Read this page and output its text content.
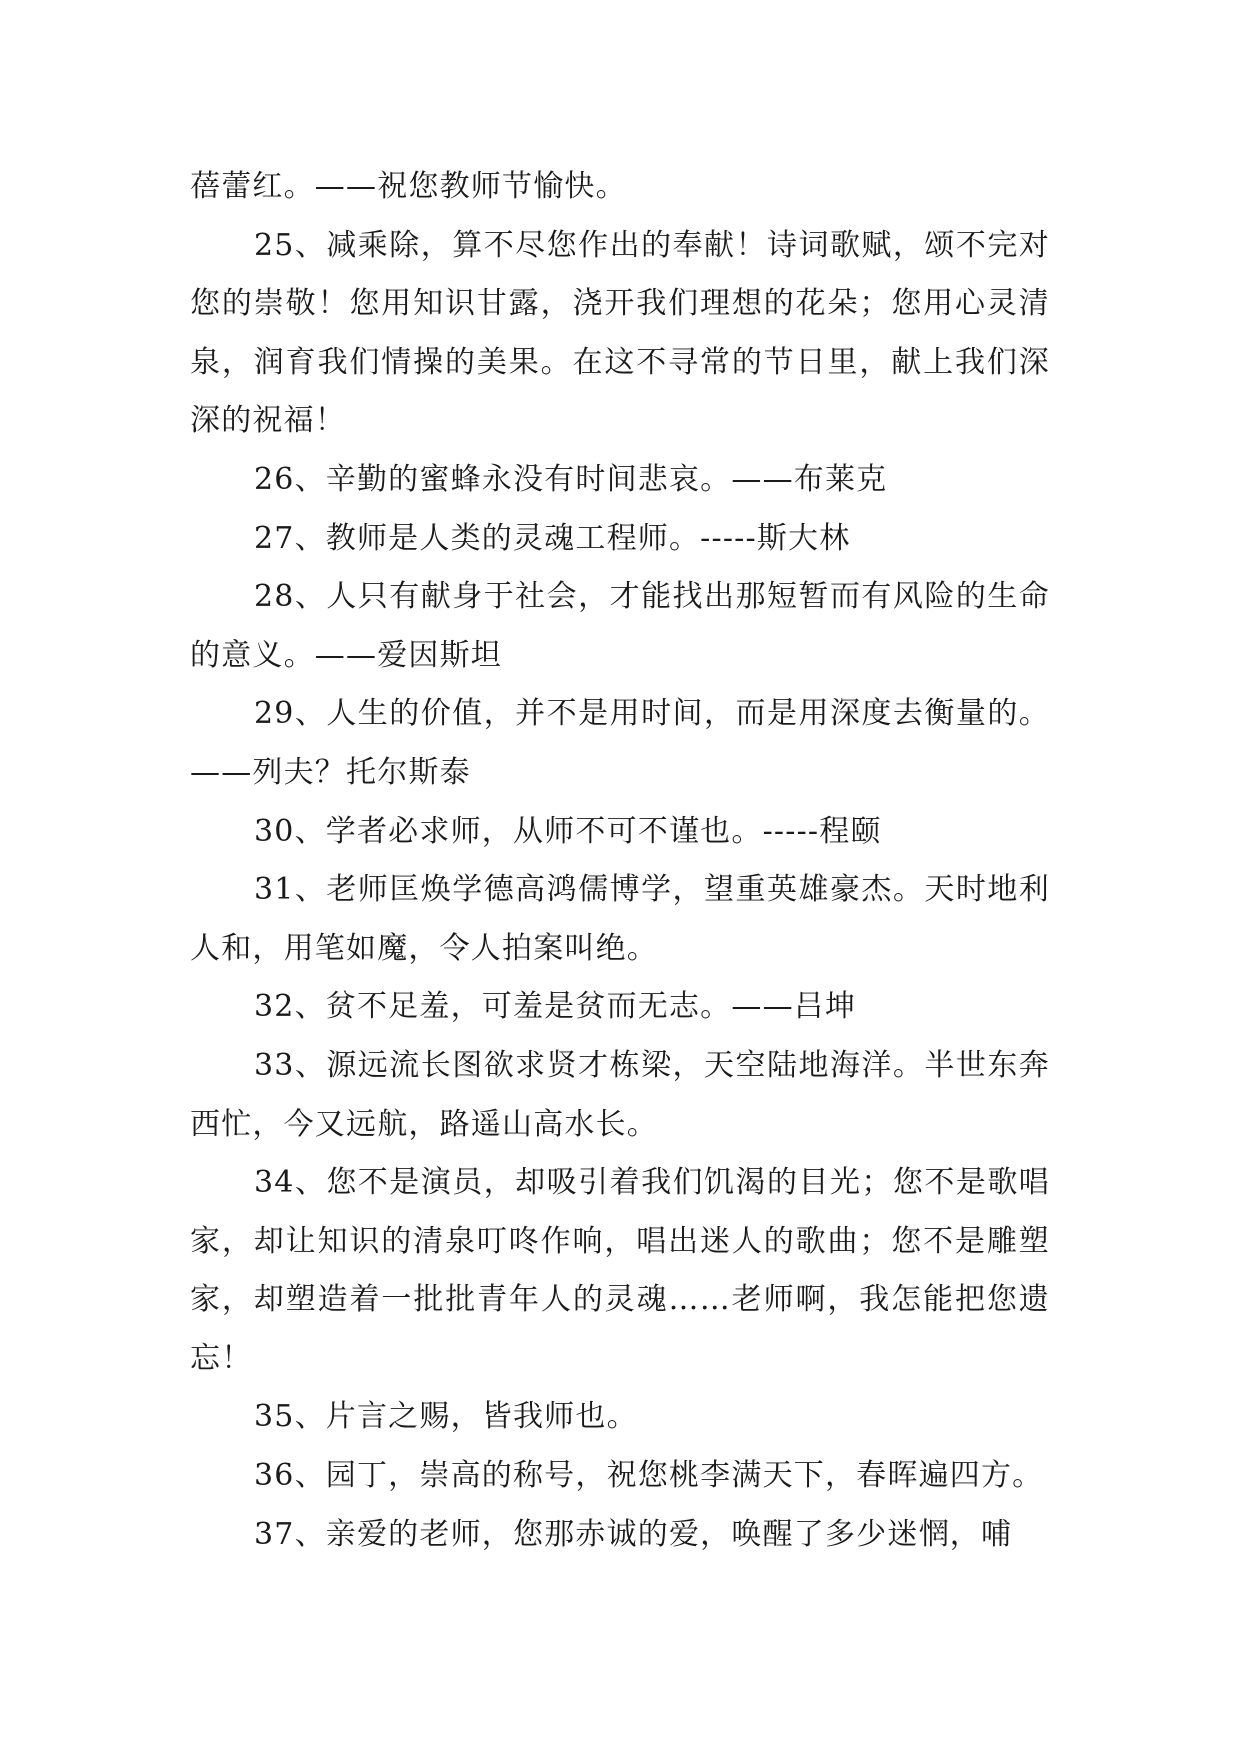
蓓蕾红。——祝您教师节愉快。

25、减乘除，算不尽您作出的奉献！诗词歌赋，颂不完对您的崇敬！您用知识甘露，浇开我们理想的花朵；您用心灵清泉，润育我们情操的美果。在这不寻常的节日里，献上我们深深的祝福！

26、辛勤的蜜蜂永没有时间悲哀。——布莱克

27、教师是人类的灵魂工程师。-----斯大林

28、人只有献身于社会，才能找出那短暂而有风险的生命的意义。——爱因斯坦

29、人生的价值，并不是用时间，而是用深度去衡量的。——列夫？托尔斯泰

30、学者必求师，从师不可不谨也。-----程颐

31、老师匡焕学德高鸿儒博学，望重英雄豪杰。天时地利人和，用笔如魔，令人拍案叫绝。

32、贫不足羞，可羞是贫而无志。——吕坤

33、源远流长图欲求贤才栋梁，天空陆地海洋。半世东奔西忙，今又远航，路遥山高水长。

34、您不是演员，却吸引着我们饥渴的目光；您不是歌唱家，却让知识的清泉叮咚作响，唱出迷人的歌曲；您不是雕塑家，却塑造着一批批青年人的灵魂……老师啊，我怎能把您遗忘！

35、片言之赐，皆我师也。

36、园丁，崇高的称号，祝您桃李满天下，春晖遍四方。

37、亲爱的老师，您那赤诚的爱，唤醒了多少迷惘，哺
